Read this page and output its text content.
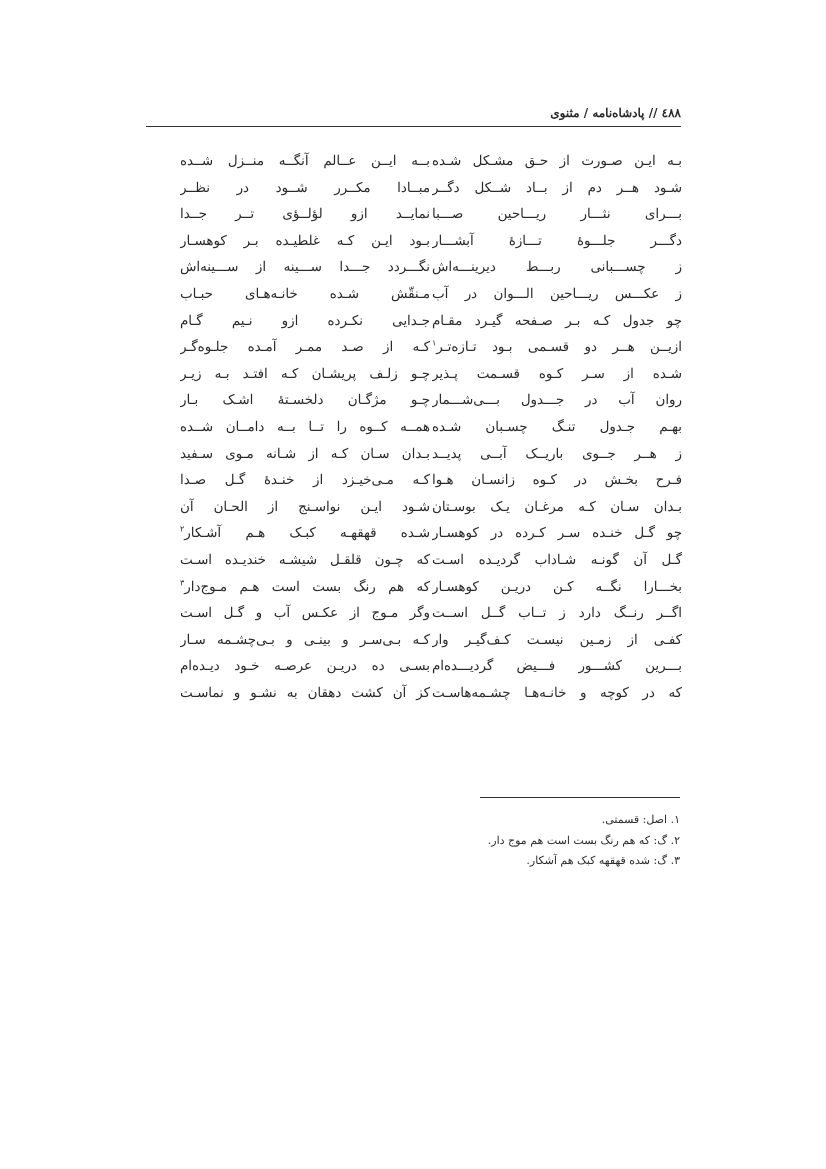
٤٨٨ // پادشاه‌نامه / مثنوی
بـه ایـن صـورت از حـق مشـکل شـده
شـود هــر دم از بــاد شــکل دگــر
بـــرای نثـــار ریـــاحین صـــبا
دگـــر جلـــوهٔ تـــازهٔ آبشـــار
ز چســـبانی ربـــط دیرینـــه‌اش
ز عکـــس ریـــاحین الـــوان در آب
چو جدول کـه بـر صـفحه گیـرد مقـام
ازیــن هــر دو قسـمی بـود تـازه‌تـر$^١$
شـده از سـر کـوه قسـمت پـذیر
روان آب در جـــدول بـــی‌شـــمار
بهـم جـدول تنـگ چسـبان شـده
ز هــر جــوی باریــک آبــی پدیــد
فـرح بخـش در کـوه زانسـان هـوا
بـدان سـان کـه مرغـان یـک بوسـتان
چو گـل خنـده سـر کـرده در کوهسـار
گـل آن گونـه شـاداب گردیـده اسـت
بخـــارا نگــه کـن دریـن کوهسـار
اگــر رنــگ دارد ز تــاب گــل اســت
کفـی از زمـین نیسـت کـف‌گیـر وار
بـــرین کشـــور فـــیض گردیـــده‌ام
که در کوچه و خانـه‌هـا چشـمه‌هاسـت
بــه ایــن عــالم آنگــه منــزل شــده
مبــادا مکــرر شــود در نظــر
نمایــد ازو لؤلــؤی تــر جــدا
بـود ایـن کـه غلطیـده بـر کوهسـار
نگـــردد جـــدا ســـینه از ســـینه‌اش
مـنقّش شـده خانـه‌هـای حبـاب
جـدایی نکـرده ازو نـیم گـام
کـه از صـد ممـر آمـده جلـوه‌گـر
چـو زلـف پریشـان کـه افتـد بـه زیـر
چـو مژگـان دلخسـتهٔ اشـک بـار
همــه کــوه را تــا بــه دامــان شــده
بـدان سـان کـه از شـانه مـوی سـفید
کـه مـی‌خیـزد از خنـدهٔ گـل صـدا
شـود ایـن نواسـنج از الحـان آن
شـده قهقهـه کبـک هـم آشـکار$^٢$
که چـون قلقـل شیشـه خندیـده اسـت
که هم رنگ بست است هـم مـوج‌دار$^٣$
وگر مـوج از عکـس آب و گـل اسـت
کـه بـی‌سـر و بینـی و بـی‌چشـمه سـار
بسـی ده دریـن عرصـه خـود دیـده‌ام
کز آن کشت دهقان به نشـو و نماسـت
١. اصل: قسمتی.
٢. گ: که هم رنگ بست است هم موج دار.
٣. گ: شده قهقهه کبک هم آشکار.
